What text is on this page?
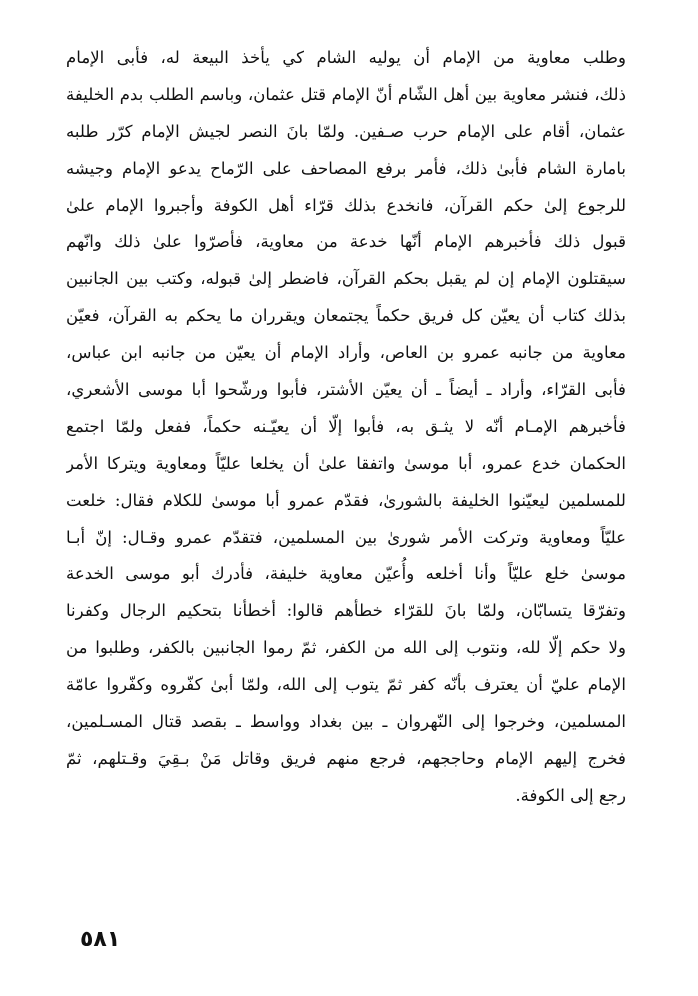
وطلب معاوية من الإمام أن يوليه الشام كي يأخذ البيعة له، فأبى الإمام
ذلك، فنشر معاوية بين أهل الشّام أنّ الإمام قتل عثمان، وباسم الطلب بدم الخليفة
عثمان، أقام على الإمام حرب صـفين. ولمّا بانَ النصر لجيش الإمام كرّر طلبه
بامارة الشام فأبىٰ ذلك، فأمر برفع المصاحف على الرّماح يدعو الإمام وجيشه
للرجوع إلىٰ حكم القرآن، فانخدع بذلك قرّاء أهل الكوفة وأجبروا الإمام علىٰ
قبول ذلك فأخبرهم الإمام أنّها خدعة من معاوية، فأصرّوا علىٰ ذلك وانّهم
سيقتلون الإمام إن لم يقبل بحكم القرآن، فاضطر إلىٰ قبوله، وكتب بين الجانبين
بذلك كتاب أن يعيّن كل فريق حكماً يجتمعان ويقرران ما يحكم به القرآن، فعيّن
معاوية من جانبه عمرو بن العاص، وأراد الإمام أن يعيّن من جانبه ابن عباس،
فأبى القرّاء، وأراد ـ أيضاً ـ أن يعيّن الأشتر، فأبوا ورشّحوا أبا موسى الأشعري،
فأخبرهم الإمـام أنّه لا يثـق به، فأبوا إلّا أن يعيّـنه حكماً، ففعل ولمّا اجتمع
الحكمان خدع عمرو، أبا موسىٰ واتفقا علىٰ أن يخلعا عليّاً ومعاوية ويتركا الأمر
للمسلمين ليعيّنوا الخليفة بالشورىٰ، فقدّم عمرو أبا موسىٰ للكلام فقال: خلعت
عليّاً ومعاوية وتركت الأمر شورىٰ بين المسلمين، فتقدّم عمرو وقـال: إنّ أبـا
موسىٰ خلع عليّاً وأنا أخلعه وأُعيّن معاوية خليفة، فأدرك أبو موسى الخدعة
وتفرّقا يتسابّان، ولمّا بانَ للقرّاء خطأهم قالوا: أخطأنا بتحكيم الرجال وكفرنا
ولا حكم إلّا لله، ونتوب إلى الله من الكفر، ثمّ رموا الجانبين بالكفر، وطلبوا من
الإمام عليّ أن يعترف بأنّه كفر ثمّ يتوب إلى الله، ولمّا أبىٰ كفّروه وكفّروا عامّة
المسلمين، وخرجوا إلى النّهروان ـ بين بغداد وواسط ـ بقصد قتال المسـلمين،
فخرج إليهم الإمام وحاججهم، فرجع منهم فريق وقاتل مَنْ بـقِيَ وقـتلهم، ثمّ
رجع إلى الكوفة.
٥٨١
